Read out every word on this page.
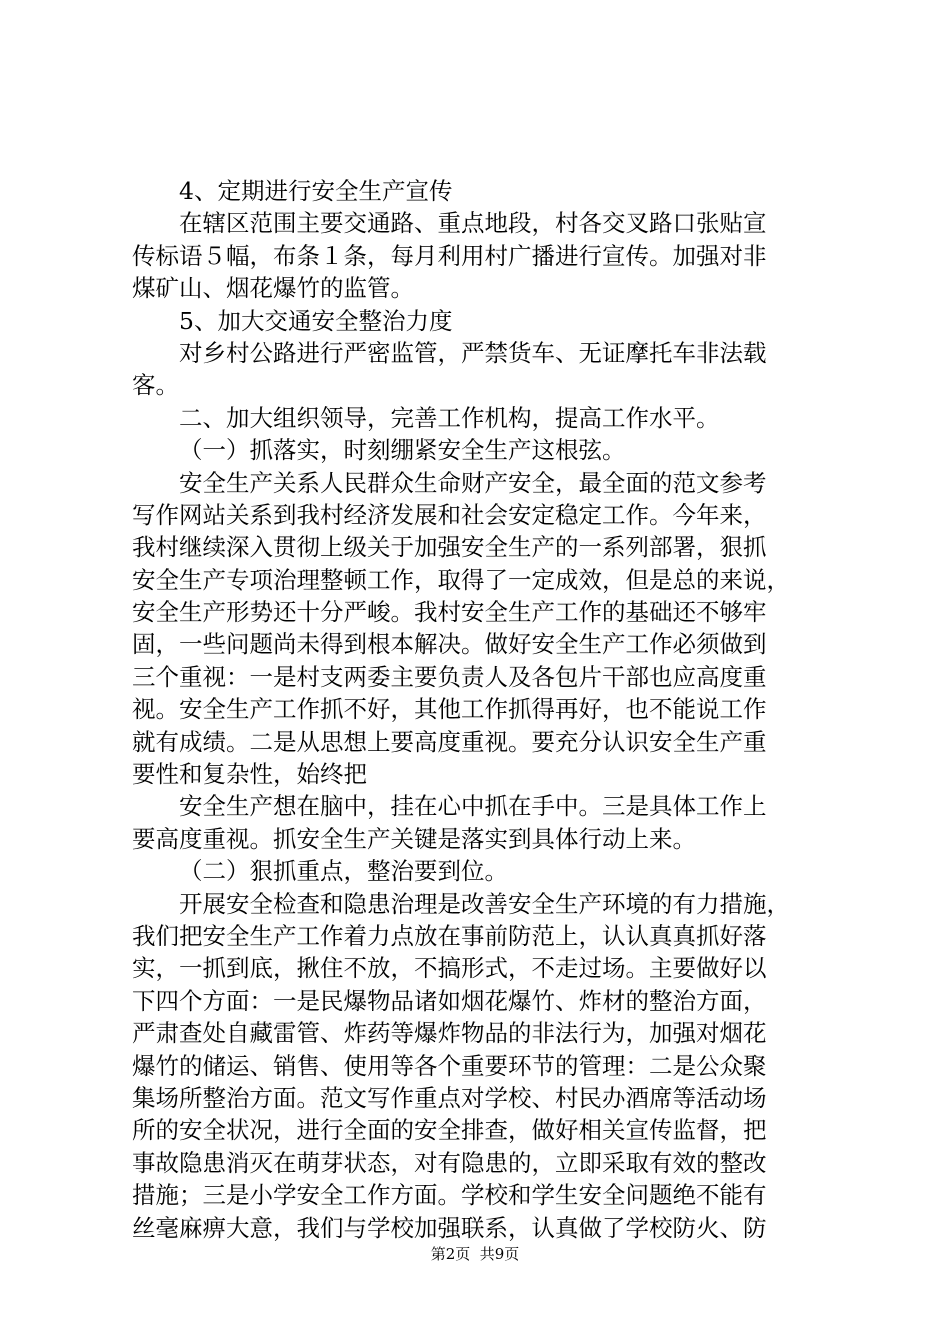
4、定期进行安全生产宣传
在辖区范围主要交通路、重点地段，村各交叉路口张贴宣
传标语５幅，布条１条，每月利用村广播进行宣传。加强对非
煤矿山、烟花爆竹的监管。
5、加大交通安全整治力度
对乡村公路进行严密监管，严禁货车、无证摩托车非法载
客。
二、加大组织领导，完善工作机构，提高工作水平。
（一）抓落实，时刻绷紧安全生产这根弦。
安全生产关系人民群众生命财产安全，最全面的范文参考
写作网站关系到我村经济发展和社会安定稳定工作。今年来，
我村继续深入贯彻上级关于加强安全生产的一系列部署，狠抓
安全生产专项治理整顿工作，取得了一定成效，但是总的来说，
安全生产形势还十分严峻。我村安全生产工作的基础还不够牢
固，一些问题尚未得到根本解决。做好安全生产工作必须做到
三个重视：一是村支两委主要负责人及各包片干部也应高度重
视。安全生产工作抓不好，其他工作抓得再好，也不能说工作
就有成绩。二是从思想上要高度重视。要充分认识安全生产重
要性和复杂性，始终把
安全生产想在脑中，挂在心中抓在手中。三是具体工作上
要高度重视。抓安全生产关键是落实到具体行动上来。
（二）狠抓重点，整治要到位。
开展安全检查和隐患治理是改善安全生产环境的有力措施，
我们把安全生产工作着力点放在事前防范上，认认真真抓好落
实，一抓到底，揪住不放，不搞形式，不走过场。主要做好以
下四个方面：一是民爆物品诸如烟花爆竹、炸材的整治方面，
严肃查处自藏雷管、炸药等爆炸物品的非法行为，加强对烟花
爆竹的储运、销售、使用等各个重要环节的管理：二是公众聚
集场所整治方面。范文写作重点对学校、村民办酒席等活动场
所的安全状况，进行全面的安全排查，做好相关宣传监督，把
事故隐患消灭在萌芽状态，对有隐患的，立即采取有效的整改
措施；三是小学安全工作方面。学校和学生安全问题绝不能有
丝毫麻痹大意，我们与学校加强联系，认真做了学校防火、防
第2页  共9页
